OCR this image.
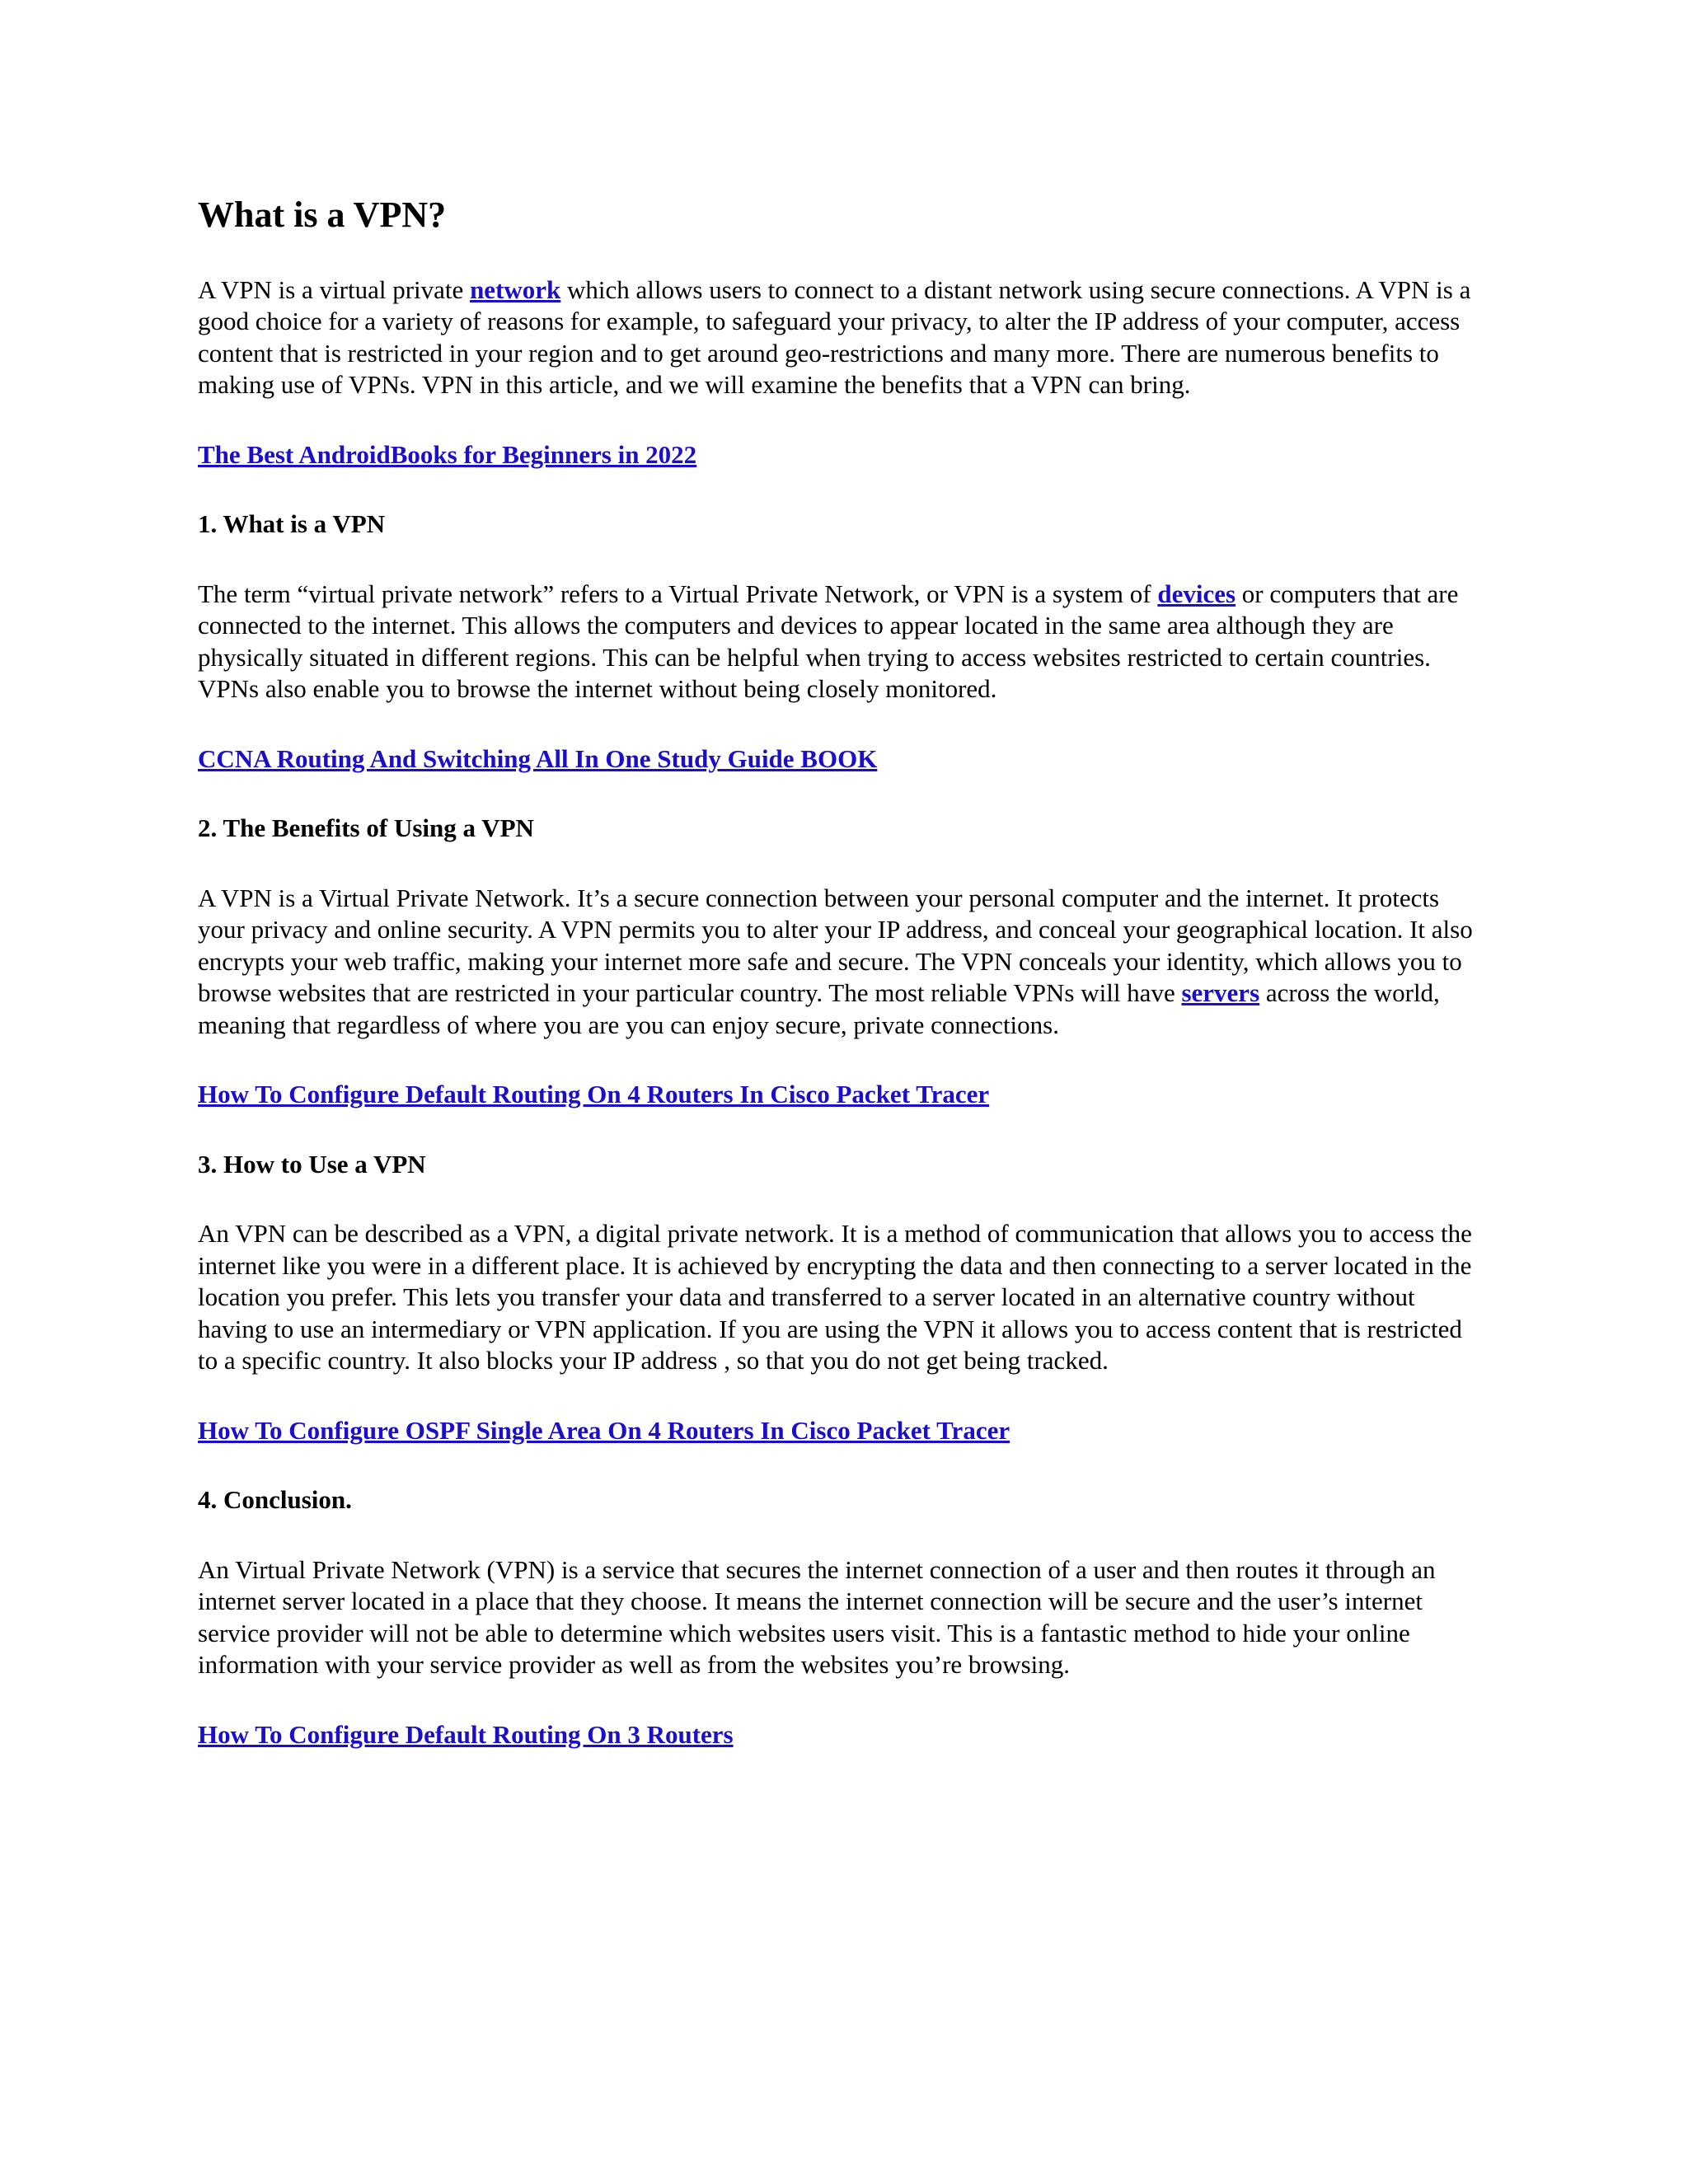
What is a VPN?

A VPN is a virtual private network which allows users to connect to a distant network using secure connections. A VPN is a good choice for a variety of reasons for example, to safeguard your privacy, to alter the IP address of your computer, access content that is restricted in your region and to get around geo-restrictions and many more. There are numerous benefits to making use of VPNs. VPN in this article, and we will examine the benefits that a VPN can bring.

The Best AndroidBooks for Beginners in 2022

1. What is a VPN

The term “virtual private network” refers to a Virtual Private Network, or VPN is a system of devices or computers that are connected to the internet. This allows the computers and devices to appear located in the same area although they are physically situated in different regions. This can be helpful when trying to access websites restricted to certain countries. VPNs also enable you to browse the internet without being closely monitored.

CCNA Routing And Switching All In One Study Guide BOOK

2. The Benefits of Using a VPN

A VPN is a Virtual Private Network. It’s a secure connection between your personal computer and the internet. It protects your privacy and online security. A VPN permits you to alter your IP address, and conceal your geographical location. It also encrypts your web traffic, making your internet more safe and secure. The VPN conceals your identity, which allows you to browse websites that are restricted in your particular country. The most reliable VPNs will have servers across the world, meaning that regardless of where you are you can enjoy secure, private connections.

How To Configure Default Routing On 4 Routers In Cisco Packet Tracer

3. How to Use a VPN

An VPN can be described as a VPN, a digital private network. It is a method of communication that allows you to access the internet like you were in a different place. It is achieved by encrypting the data and then connecting to a server located in the location you prefer. This lets you transfer your data and transferred to a server located in an alternative country without having to use an intermediary or VPN application. If you are using the VPN it allows you to access content that is restricted to a specific country. It also blocks your IP address , so that you do not get being tracked.

How To Configure OSPF Single Area On 4 Routers In Cisco Packet Tracer

4. Conclusion.

An Virtual Private Network (VPN) is a service that secures the internet connection of a user and then routes it through an internet server located in a place that they choose. It means the internet connection will be secure and the user’s internet service provider will not be able to determine which websites users visit. This is a fantastic method to hide your online information with your service provider as well as from the websites you’re browsing.

How To Configure Default Routing On 3 Routers
